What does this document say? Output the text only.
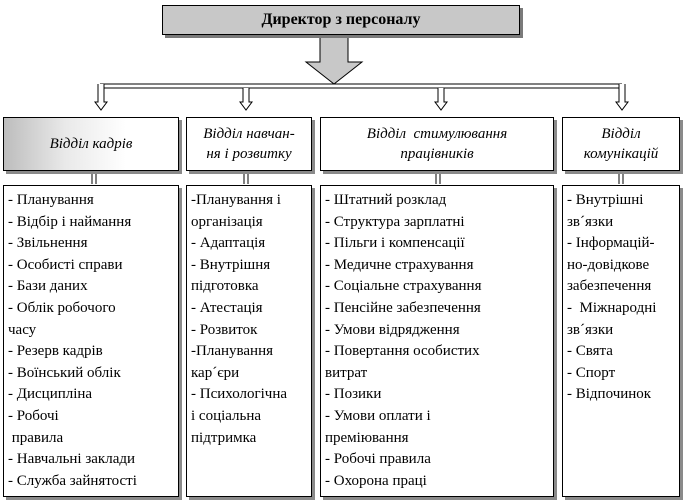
Директор з персоналу
Відділ кадрів
Відділ навчан-
ня і розвитку
Відділ  стимулювання
працівників
Відділ
комунікацій
- Планування
- Відбір і наймання
- Звільнення
- Особисті справи
- Бази даних
- Облік робочого
часу
- Резерв кадрів
- Воїнський облік
- Дисципліна
- Робочі
правила
- Навчальні заклади
- Служба зайнятості
-Планування і
організація
- Адаптація
- Внутрішня
підготовка
- Атестація
- Розвиток
-Планування
кар´єри
- Психологічна
і соціальна
підтримка
- Штатний розклад
- Структура зарплатні
- Пільги і компенсації
- Медичне страхування
- Соціальне страхування
- Пенсійне забезпечення
- Умови відрядження
- Повертання особистих
витрат
- Позики
- Умови оплати і
преміювання
- Робочі правила
- Охорона праці
- Внутрішні
зв´язки
- Інформацій-
но-довідкове
забезпечення
-  Міжнародні
зв´язки
- Свята
- Спорт
- Відпочинок
